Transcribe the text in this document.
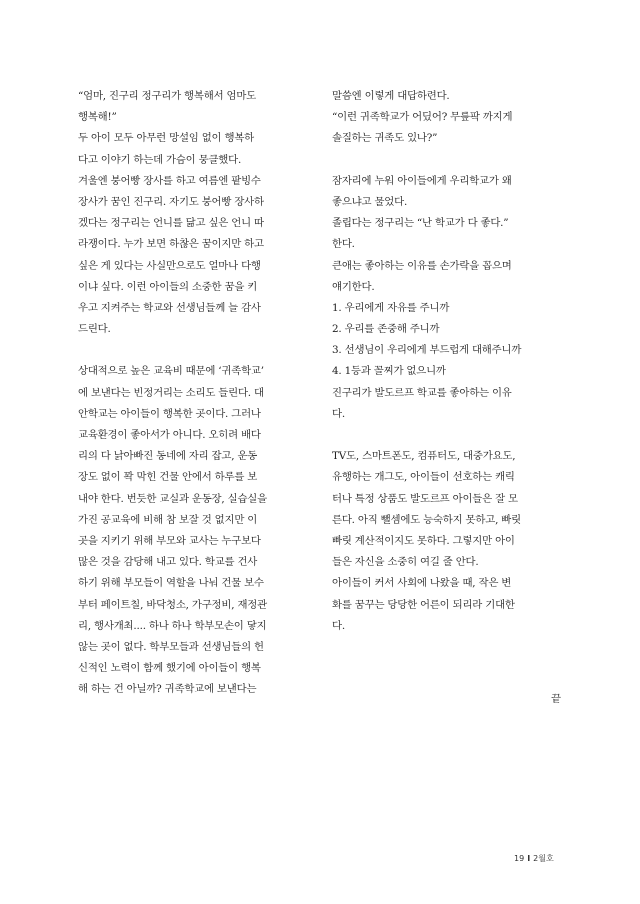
“엄마, 진구리 정구리가 행복해서 엄마도
행복해!”
두 아이 모두 아무런 망설임 없이 행복하
다고 이야기 하는데 가슴이 뭉클했다.
겨울엔 붕어빵 장사를 하고 여름엔 팥빙수
장사가 꿈인 진구리. 자기도 붕어빵 장사하
겠다는 정구리는 언니를 닮고 싶은 언니 따
라쟁이다. 누가 보면 하찮은 꿈이지만 하고
싶은 게 있다는 사실만으로도 얼마나 다행
이냐 싶다. 이런 아이들의 소중한 꿈을 키
우고 지켜주는 학교와 선생님들께 늘 감사
드린다.
상대적으로 높은 교육비 때문에 ‘귀족학교’
에 보낸다는 빈정거리는 소리도 들린다. 대
안학교는 아이들이 행복한 곳이다. 그러나
교육환경이 좋아서가 아니다. 오히려 배다
리의 다 낡아빠진 동네에 자리 잡고, 운동
장도 없이 꽉 막힌 건물 안에서 하루를 보
내야 한다. 번듯한 교실과 운동장, 실습실을
가진 공교육에 비해 참 보잘 것 없지만 이
곳을 지키기 위해 부모와 교사는 누구보다
많은 것을 감당해 내고 있다. 학교를 건사
하기 위해 부모들이 역할을 나눠 건물 보수
부터 페이트칠, 바닥청소, 가구정비, 재정관
리, 행사개최.... 하나 하나 학부모손이 닿지
않는 곳이 없다. 학부모들과 선생님들의 헌
신적인 노력이 함께 했기에 아이들이 행복
해 하는 건 아닐까? 귀족학교에 보낸다는
말씀엔 이렇게 대답하련다.
“이런 귀족학교가 어딨어? 무릎팍 까지게
솔질하는 귀족도 있나?”
잠자리에 누워 아이들에게 우리학교가 왜
좋으냐고 물었다.
졸립다는 정구리는 “난 학교가 다 좋다.”
한다.
큰애는 좋아하는 이유를 손가락을 꼽으며
얘기한다.
1. 우리에게 자유를 주니까
2. 우리를 존중해 주니까
3. 선생님이 우리에게 부드럽게 대해주니까
4. 1등과 꼴찌가 없으니까
진구리가 발도르프 학교를 좋아하는 이유
다.
TV도, 스마트폰도, 컴퓨터도, 대중가요도,
유행하는 개그도, 아이들이 선호하는 캐릭
터나 특정 상품도 발도르프 아이들은 잘 모
른다. 아직 뺄셈에도 능숙하지 못하고, 빠릿
빠릿 계산적이지도 못하다. 그렇지만 아이
들은 자신을 소중히 여길 줄 안다.
아이들이 커서 사회에 나왔을 때, 작은 변
화를 꿈꾸는 당당한 어른이 되리라 기대한
다.
끝
19 I 2월호
